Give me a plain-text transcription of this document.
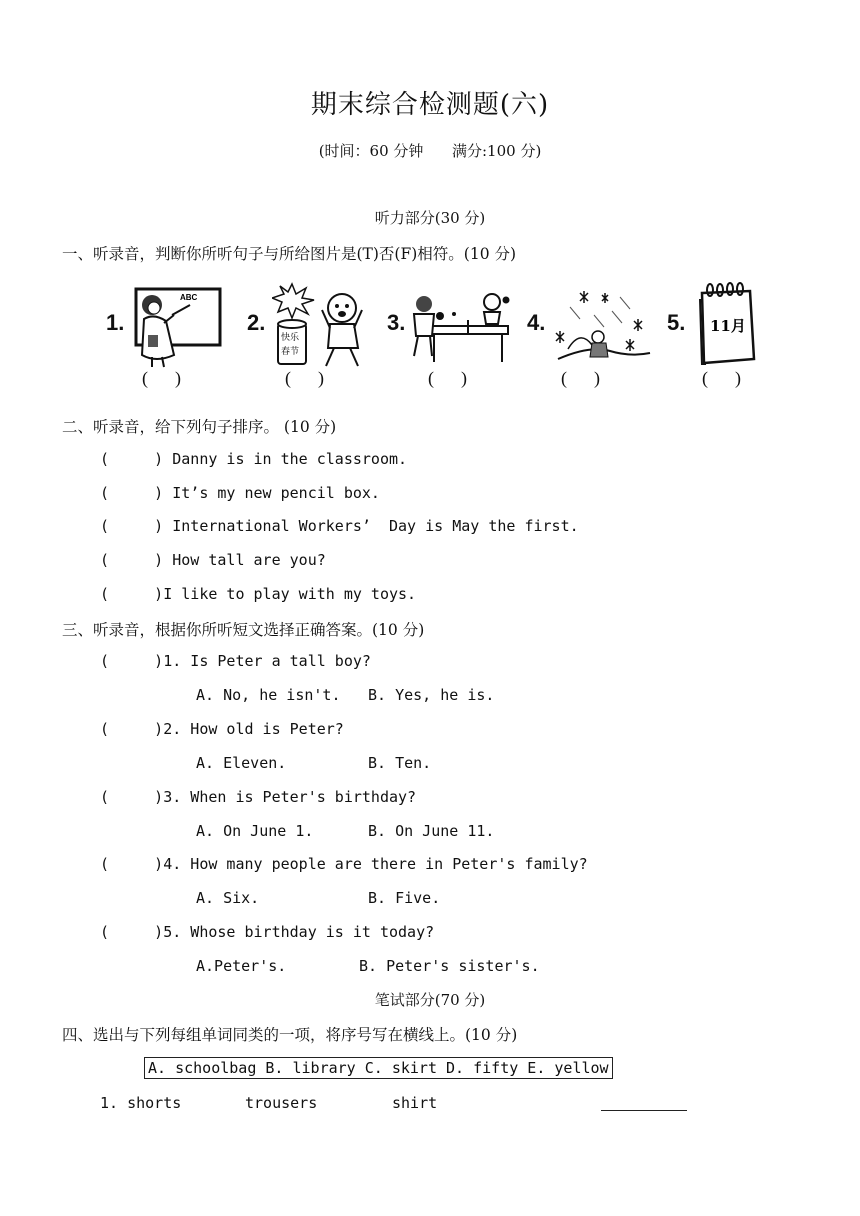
期末综合检测题(六)
(时间：60 分钟      满分:100 分)
听力部分(30 分)
一、听录音，判断你所听句子与所给图片是(T)否(F)相符。(10 分)
1.
ABC
2.
快乐
春节
3.	4.	5. 11月
(      )	(      )	(      )	(      )	(      )
二、听录音，给下列句子排序。 (10 分)
(     ) Danny is in the classroom.
(     ) It’s my new pencil box.
(     ) International Workers’  Day is May the first.
(     ) How tall are you?
(     )I like to play with my toys.
三、听录音，根据你所听短文选择正确答案。(10 分)
(     )1. Is Peter a tall boy?
A. No, he isn't. B. Yes, he is.
(     )2. How old is Peter?
A. Eleven.	B. Ten.
(     )3. When is Peter's birthday?
A. On June 1.	B. On June 11.
(     )4. How many people are there in Peter's family?
A. Six.	B. Five.
(     )5. Whose birthday is it today?
A.Peter's.	B. Peter's sister's.
笔试部分(70 分)
四、选出与下列每组单词同类的一项，将序号写在横线上。(10 分)
A. schoolbag B. library C. skirt D. fifty E. yellow
1. shorts	trousers	shirt
